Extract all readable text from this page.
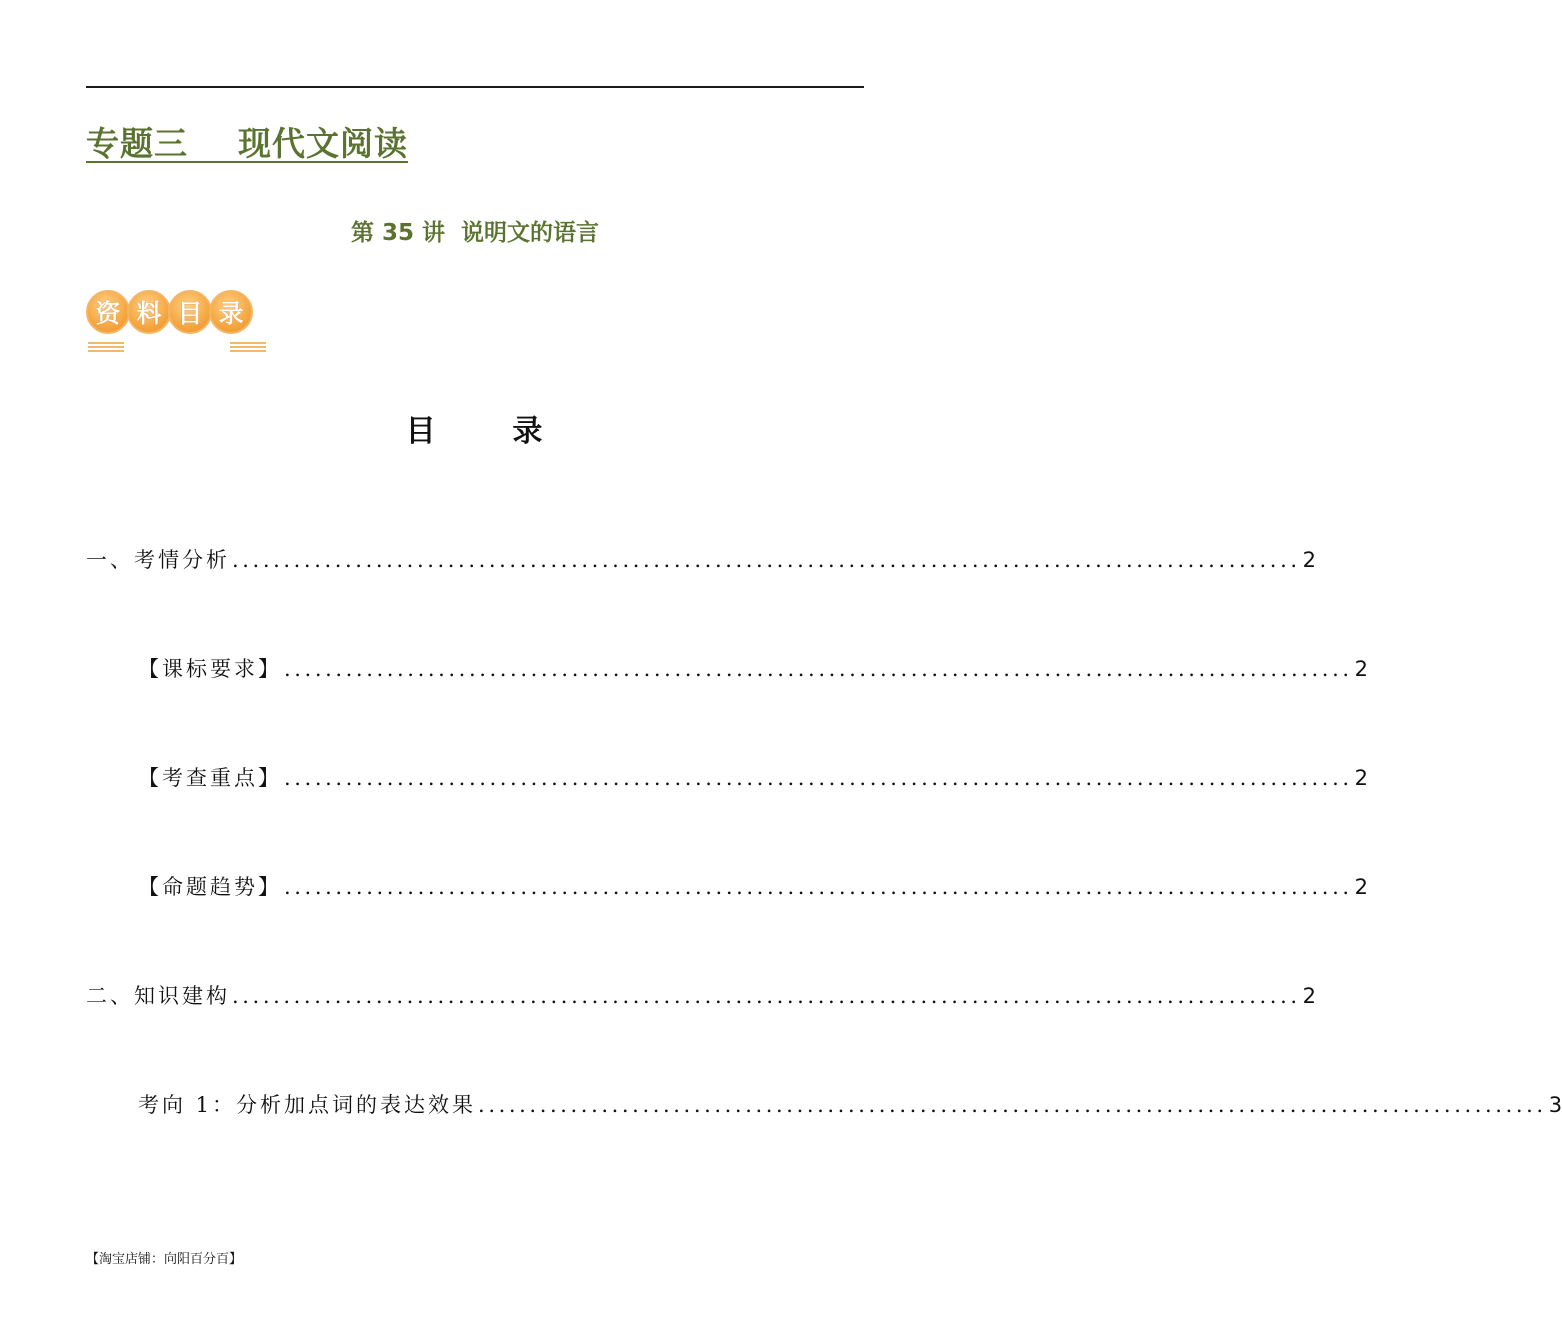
专题三    现代文阅读
第 35 讲  说明文的语言
资 料 目 录
目      录
一、考情分析 ........................................................................................................ 2
【课标要求】 ........................................................................................................ 2
【考查重点】 ........................................................................................................ 2
【命题趋势】 ........................................................................................................ 2
二、知识建构 ........................................................................................................ 2
考向 1：分析加点词的表达效果 ........................................................................................................ 3
【淘宝店铺：向阳百分百】
